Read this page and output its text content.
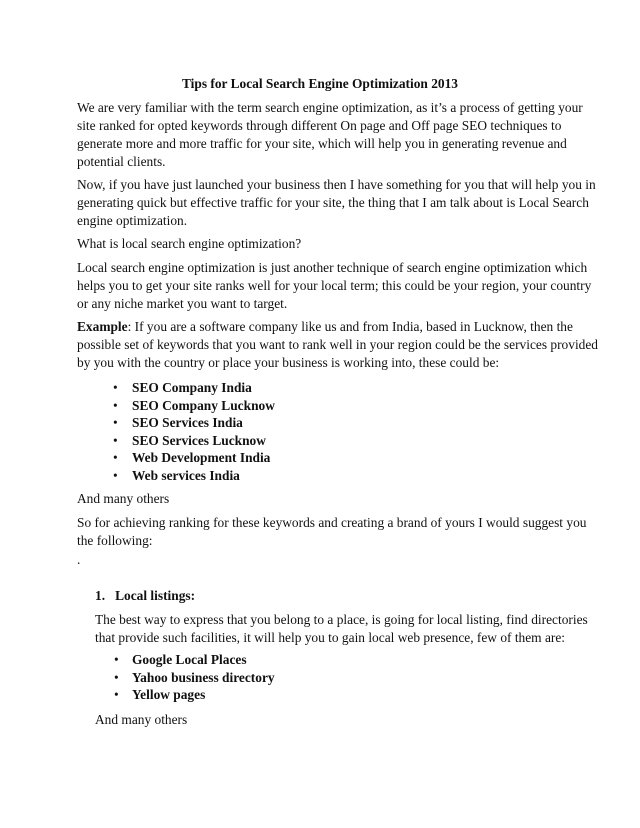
Tips for Local Search Engine Optimization 2013
We are very familiar with the term search engine optimization, as it’s a process of getting your
site ranked for opted keywords through different On page and Off page SEO techniques to
generate more and more traffic for your site, which will help you in generating revenue and
potential clients.
Now, if you have just launched your business then I have something for you that will help you in
generating quick but effective traffic for your site, the thing that I am talk about is Local Search
engine optimization.
What is local search engine optimization?
Local search engine optimization is just another technique of search engine optimization which
helps you to get your site ranks well for your local term; this could be your region, your country
or any niche market you want to target.
Example: If you are a software company like us and from India, based in Lucknow, then the
possible set of keywords that you want to rank well in your region could be the services provided
by you with the country or place your business is working into, these could be:
• SEO Company India
• SEO Company Lucknow
• SEO Services India
• SEO Services Lucknow
• Web Development India
• Web services India
And many others
So for achieving ranking for these keywords and creating a brand of yours I would suggest you
the following:
.
1. Local listings:
The best way to express that you belong to a place, is going for local listing, find directories
that provide such facilities, it will help you to gain local web presence, few of them are:
• Google Local Places
• Yahoo business directory
• Yellow pages
And many others
